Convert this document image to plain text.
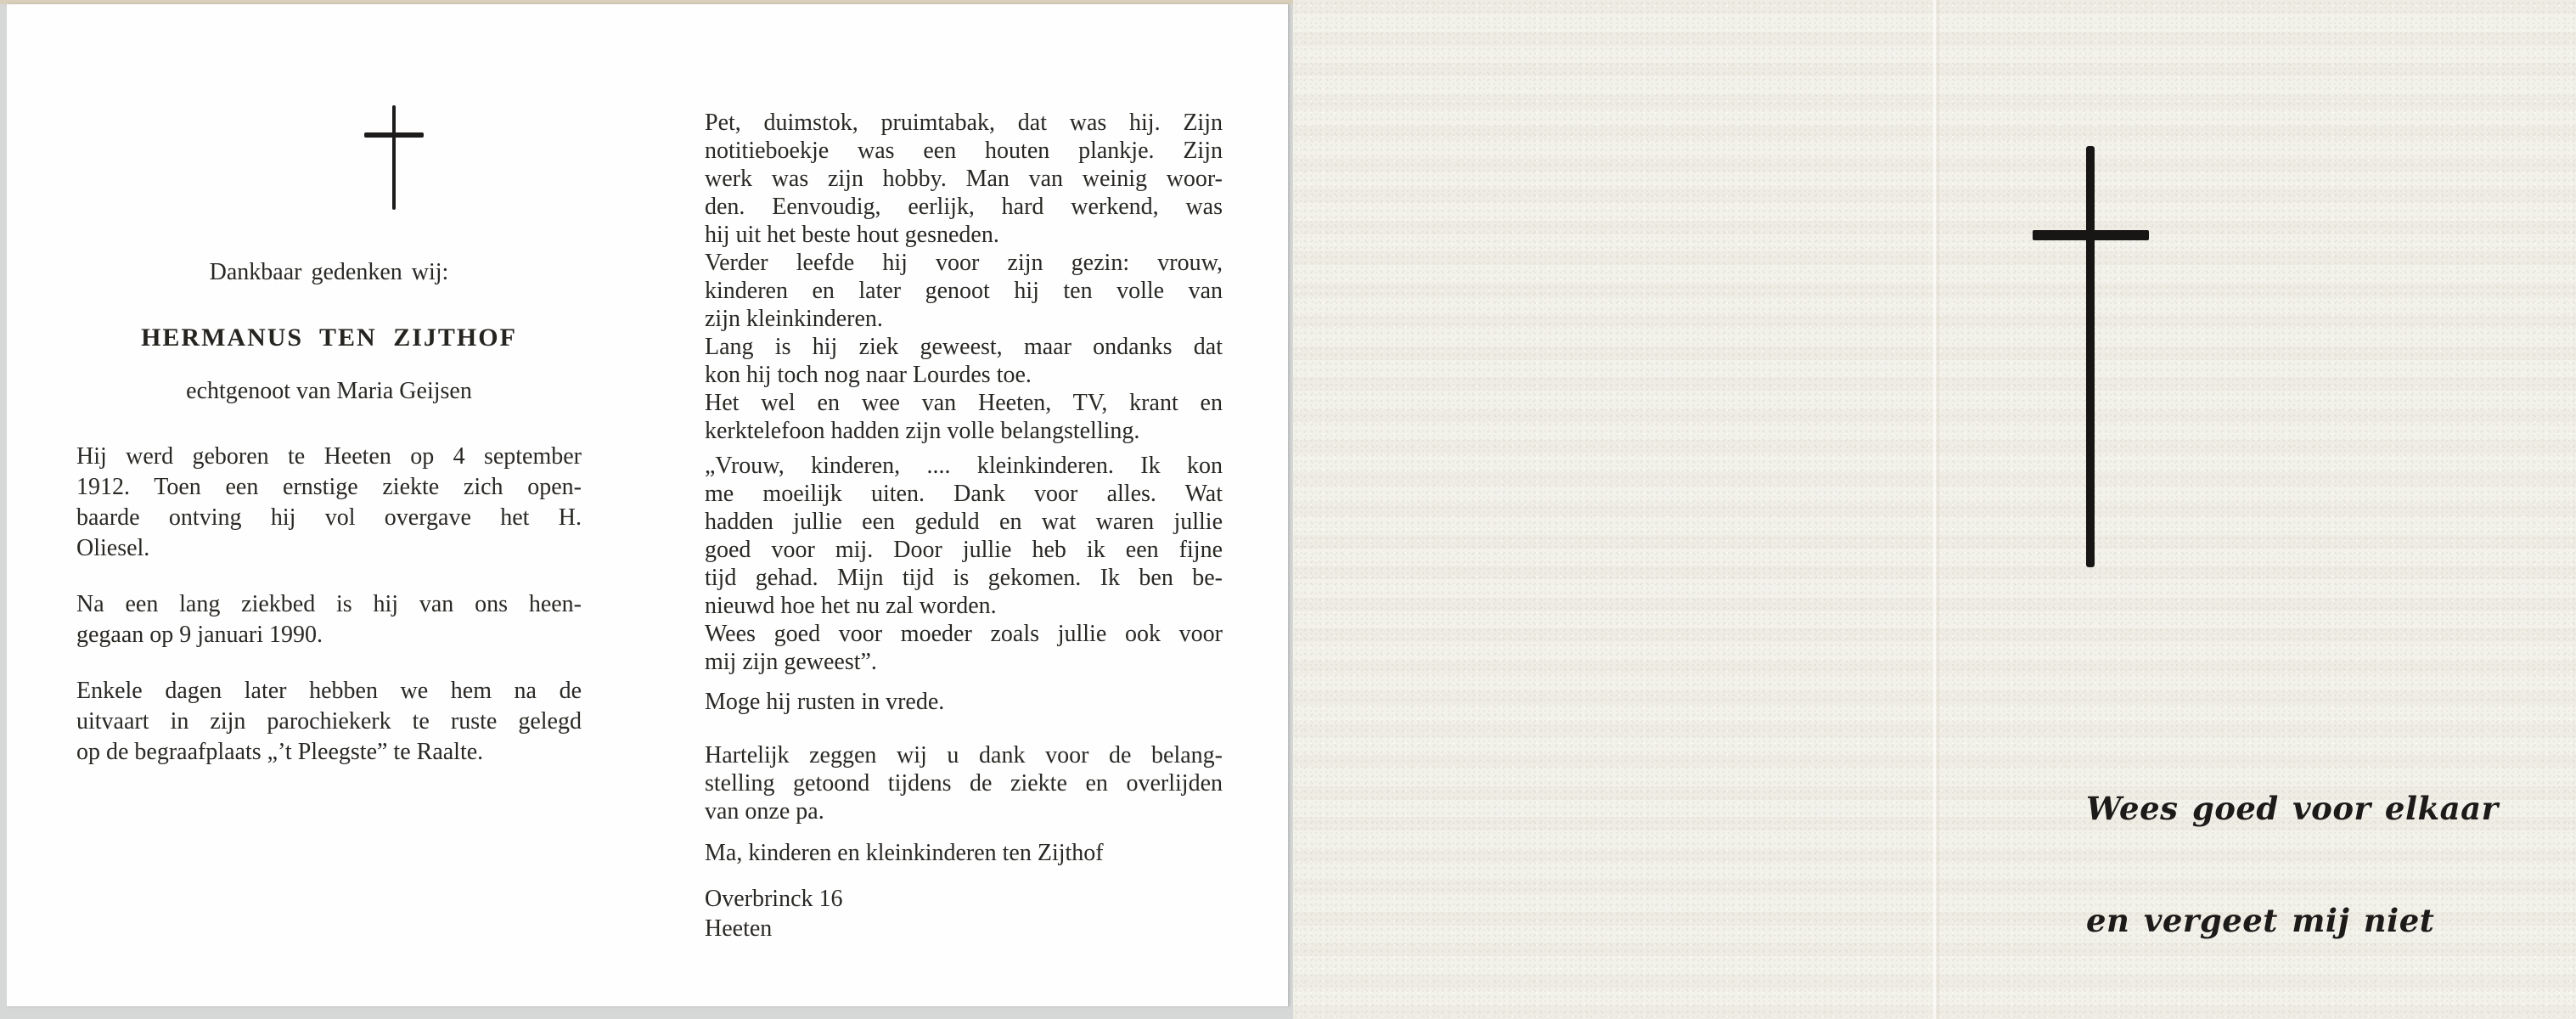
Dankbaar gedenken wij:
HERMANUS TEN ZIJTHOF
echtgenoot van Maria Geijsen
Hij werd geboren te Heeten op 4 september
1912. Toen een ernstige ziekte zich open-
baarde ontving hij vol overgave het H.
Oliesel.
Na een lang ziekbed is hij van ons heen-
gegaan op 9 januari 1990.
Enkele dagen later hebben we hem na de
uitvaart in zijn parochiekerk te ruste gelegd
op de begraafplaats „’t Pleegste” te Raalte.
Pet, duimstok, pruimtabak, dat was hij. Zijn
notitieboekje was een houten plankje. Zijn
werk was zijn hobby. Man van weinig woor-
den. Eenvoudig, eerlijk, hard werkend, was
hij uit het beste hout gesneden.
Verder leefde hij voor zijn gezin: vrouw,
kinderen en later genoot hij ten volle van
zijn kleinkinderen.
Lang is hij ziek geweest, maar ondanks dat
kon hij toch nog naar Lourdes toe.
Het wel en wee van Heeten, TV, krant en
kerktelefoon hadden zijn volle belangstelling.
„Vrouw, kinderen, .... kleinkinderen. Ik kon
me moeilijk uiten. Dank voor alles. Wat
hadden jullie een geduld en wat waren jullie
goed voor mij. Door jullie heb ik een fijne
tijd gehad. Mijn tijd is gekomen. Ik ben be-
nieuwd hoe het nu zal worden.
Wees goed voor moeder zoals jullie ook voor
mij zijn geweest”.
Moge hij rusten in vrede.
Hartelijk zeggen wij u dank voor de belang-
stelling getoond tijdens de ziekte en overlijden
van onze pa.
Ma, kinderen en kleinkinderen ten Zijthof
Overbrinck 16
Heeten
Wees goed voor elkaar
en vergeet mij niet
